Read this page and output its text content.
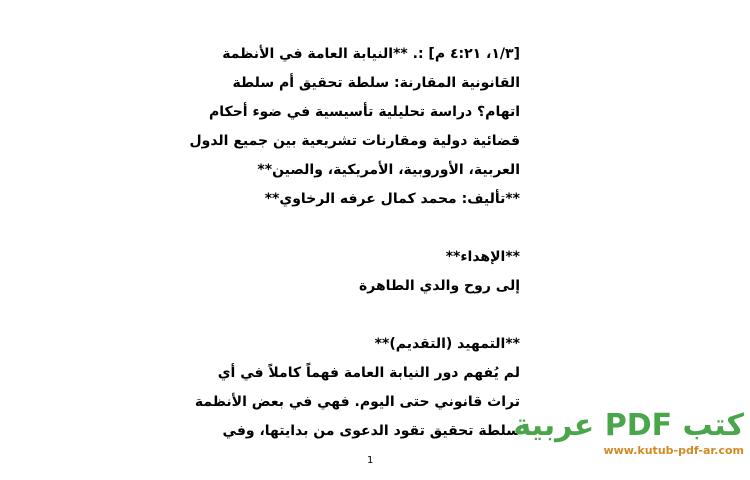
[١/٣، ٤:٢١ م] :. **النيابة العامة في الأنظمة

القانونية المقارنة: سلطة تحقيق أم سلطة

اتهام؟ دراسة تحليلية تأسيسية في ضوء أحكام

قضائية دولية ومقارنات تشريعية بين جميع الدول

العربية، الأوروبية، الأمريكية، والصين**

**تأليف: محمد كمال عرفه الرخاوي**

**الإهداء**

إلى روح والدي الطاهرة

**التمهيد (التقديم)**

لم يُفهم دور النيابة العامة فهماً كاملاً في أي

تراث قانوني حتى اليوم. فهي في بعض الأنظمة

سلطة تحقيق تقود الدعوى من بدايتها، وفي

1
كتب PDF عربية
www.kutub-pdf-ar.com
